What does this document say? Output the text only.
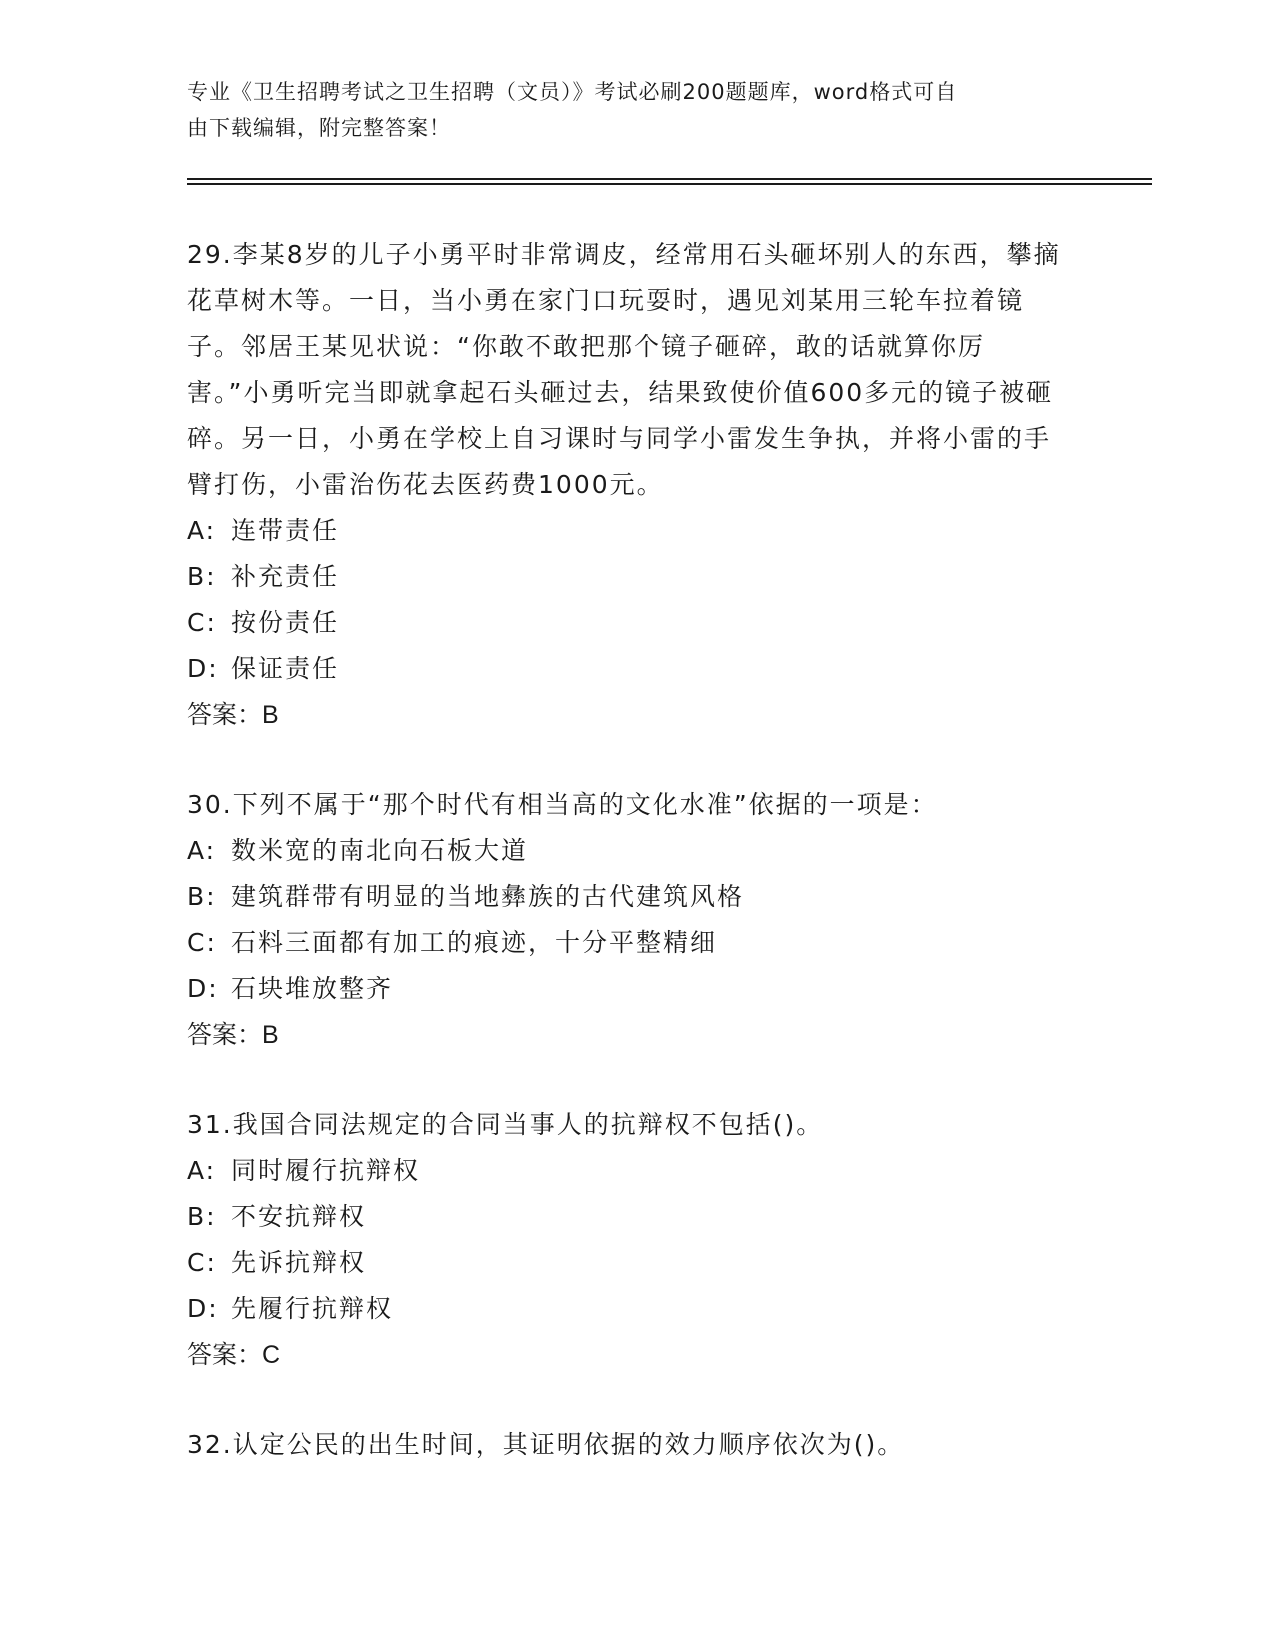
专业《卫生招聘考试之卫生招聘（文员）》考试必刷200题题库，word格式可自
由下载编辑，附完整答案！

29.李某8岁的儿子小勇平时非常调皮，经常用石头砸坏别人的东西，攀摘花草树木等。一日，当小勇在家门口玩耍时，遇见刘某用三轮车拉着镜子。邻居王某见状说：“你敢不敢把那个镜子砸碎，敢的话就算你厉害。”小勇听完当即就拿起石头砸过去，结果致使价值600多元的镜子被砸碎。另一日，小勇在学校上自习课时与同学小雷发生争执，并将小雷的手臂打伤，小雷治伤花去医药费1000元。

A: 连带责任

B: 补充责任

C: 按份责任

D: 保证责任

答案：B

30.下列不属于“那个时代有相当高的文化水准”依据的一项是：

A: 数米宽的南北向石板大道

B: 建筑群带有明显的当地彝族的古代建筑风格

C: 石料三面都有加工的痕迹，十分平整精细

D: 石块堆放整齐

答案：B

31.我国合同法规定的合同当事人的抗辩权不包括()。

A: 同时履行抗辩权

B: 不安抗辩权

C: 先诉抗辩权

D: 先履行抗辩权

答案：C

32.认定公民的出生时间，其证明依据的效力顺序依次为()。
